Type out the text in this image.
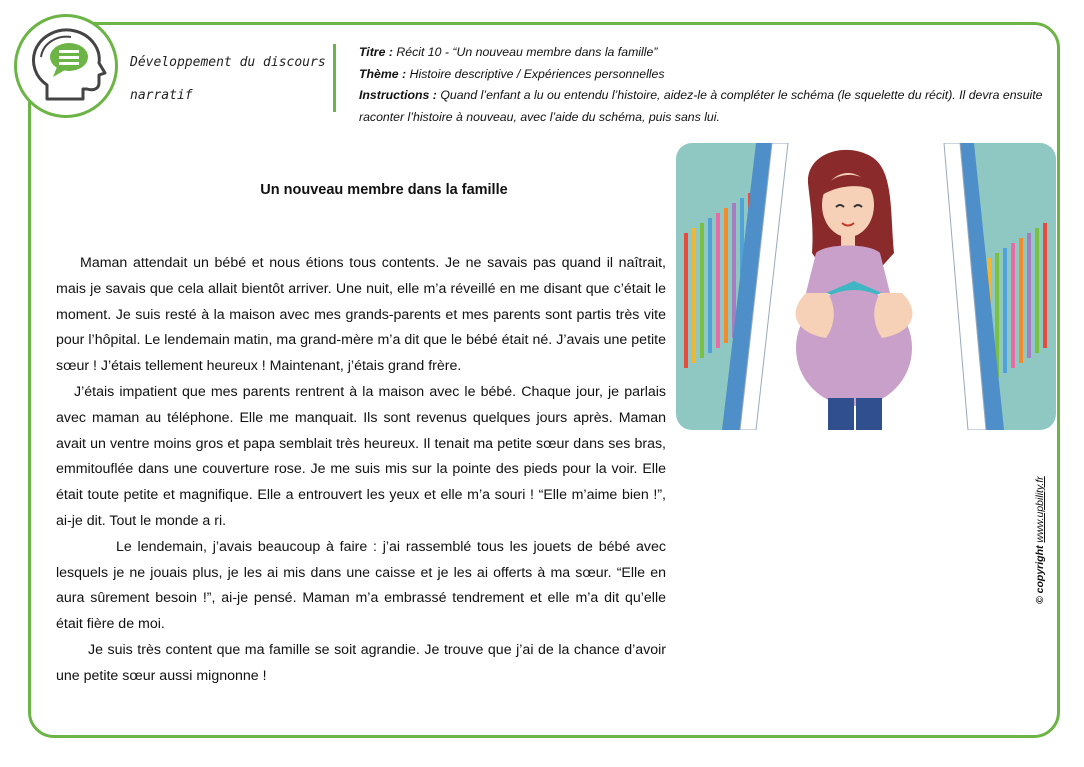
Développement du discours
narratif
Titre : Récit 10 - “Un nouveau membre dans la famille”
Thème : Histoire descriptive / Expériences personnelles
Instructions : Quand l’enfant a lu ou entendu l’histoire, aidez-le à compléter le schéma (le squelette du récit). Il devra ensuite raconter l’histoire à nouveau, avec l’aide du schéma, puis sans lui.
Un nouveau membre dans la famille

Maman attendait un bébé et nous étions tous contents. Je ne savais pas quand il naîtrait, mais je savais que cela allait bientôt arriver. Une nuit, elle m’a réveillé en me disant que c’était le moment. Je suis resté à la maison avec mes grands-parents et mes parents sont partis très vite pour l’hôpital. Le lendemain matin, ma grand-mère m’a dit que le bébé était né. J’avais une petite sœur ! J’étais tellement heureux ! Maintenant, j’étais grand frère.

J’étais impatient que mes parents rentrent à la maison avec le bébé. Chaque jour, je parlais avec maman au téléphone. Elle me manquait. Ils sont revenus quelques jours après. Maman avait un ventre moins gros et papa semblait très heureux. Il tenait ma petite sœur dans ses bras, emmitouflée dans une couverture rose. Je me suis mis sur la pointe des pieds pour la voir. Elle était toute petite et magnifique. Elle a entrouvert les yeux et elle m’a souri ! “Elle m’aime bien !”, ai-je dit. Tout le monde a ri.

Le lendemain, j’avais beaucoup à faire : j’ai rassemblé tous les jouets de bébé avec lesquels je ne jouais plus, je les ai mis dans une caisse et je les ai offerts à ma sœur. “Elle en aura sûrement besoin !”, ai-je pensé. Maman m’a embrassé tendrement et elle m’a dit qu’elle était fière de moi.

Je suis très content que ma famille se soit agrandie. Je trouve que j’ai de la chance d’avoir une petite sœur aussi mignonne !

© copyright www.upbility.fr
